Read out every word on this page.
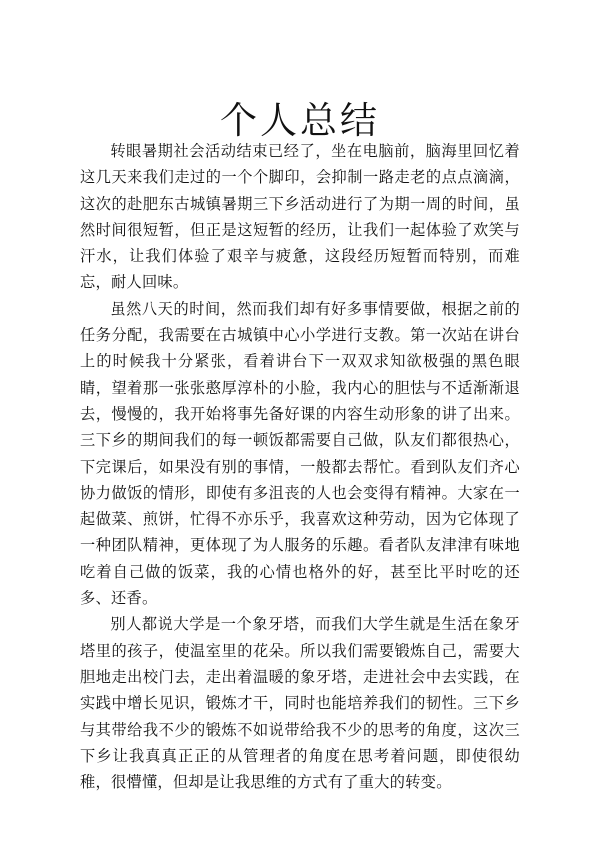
个人总结

转眼暑期社会活动结束已经了，坐在电脑前，脑海里回忆着这几天来我们走过的一个个脚印，会抑制一路走老的点点滴滴，这次的赴肥东古城镇暑期三下乡活动进行了为期一周的时间，虽然时间很短暂，但正是这短暂的经历，让我们一起体验了欢笑与汗水，让我们体验了艰辛与疲惫，这段经历短暂而特别，而难忘，耐人回味。

虽然八天的时间，然而我们却有好多事情要做，根据之前的任务分配，我需要在古城镇中心小学进行支教。第一次站在讲台上的时候我十分紧张，看着讲台下一双双求知欲极强的黑色眼睛，望着那一张张憨厚淳朴的小脸，我内心的胆怯与不适渐渐退去，慢慢的，我开始将事先备好课的内容生动形象的讲了出来。三下乡的期间我们的每一顿饭都需要自己做，队友们都很热心，下完课后，如果没有别的事情，一般都去帮忙。看到队友们齐心协力做饭的情形，即使有多沮丧的人也会变得有精神。大家在一起做菜、煎饼，忙得不亦乐乎，我喜欢这种劳动，因为它体现了一种团队精神，更体现了为人服务的乐趣。看者队友津津有味地吃着自己做的饭菜，我的心情也格外的好，甚至比平时吃的还多、还香。

别人都说大学是一个象牙塔，而我们大学生就是生活在象牙塔里的孩子，使温室里的花朵。所以我们需要锻炼自己，需要大胆地走出校门去，走出着温暖的象牙塔，走进社会中去实践，在实践中增长见识，锻炼才干，同时也能培养我们的韧性。三下乡与其带给我不少的锻炼不如说带给我不少的思考的角度，这次三下乡让我真真正正的从管理者的角度在思考着问题，即使很幼稚，很懵懂，但却是让我思维的方式有了重大的转变。
